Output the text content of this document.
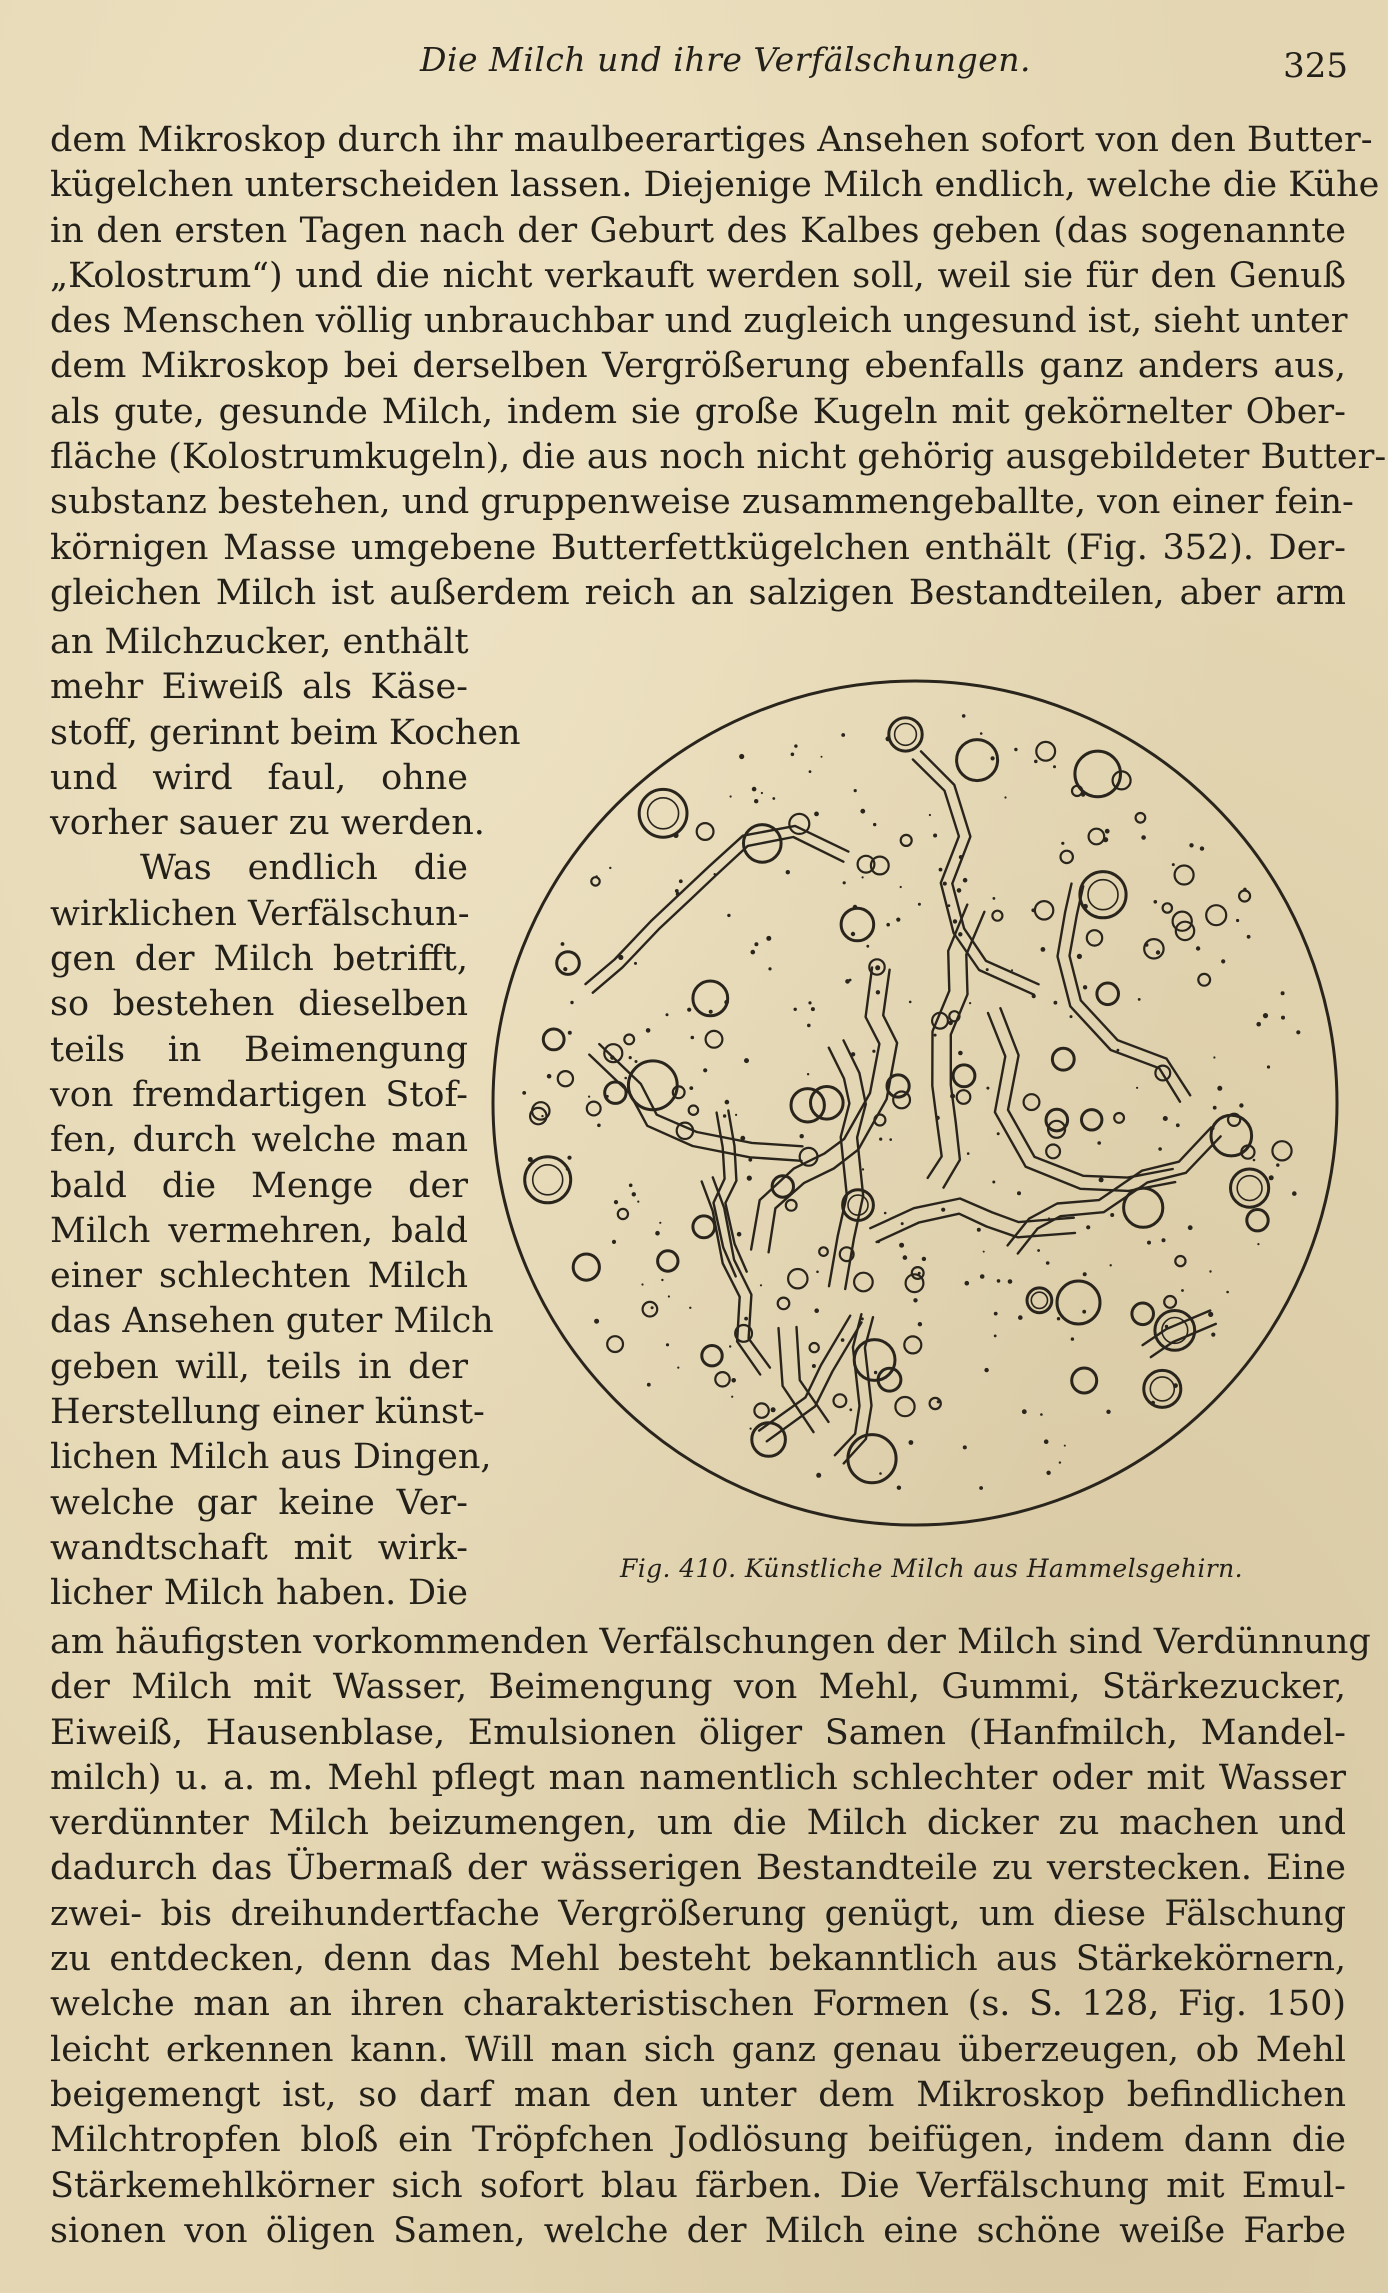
Die Milch und ihre Verfälschungen.	325
dem Mikroskop durch ihr maulbeerartiges Ansehen sofort von den Butter-
kügelchen unterscheiden lassen. Diejenige Milch endlich, welche die Kühe
in den ersten Tagen nach der Geburt des Kalbes geben (das sogenannte
„Kolostrum“) und die nicht verkauft werden soll, weil sie für den Genuß
des Menschen völlig unbrauchbar und zugleich ungesund ist, sieht unter
dem Mikroskop bei derselben Vergrößerung ebenfalls ganz anders aus,
als gute, gesunde Milch, indem sie große Kugeln mit gekörnelter Ober-
fläche (Kolostrumkugeln), die aus noch nicht gehörig ausgebildeter Butter-
substanz bestehen, und gruppenweise zusammengeballte, von einer fein-
körnigen Masse umgebene Butterfettkügelchen enthält (Fig. 352). Der-
gleichen Milch ist außerdem reich an salzigen Bestandteilen, aber arm
an Milchzucker, enthält
mehr Eiweiß als Käse-
stoff, gerinnt beim Kochen
und wird faul, ohne
vorher sauer zu werden.
Was endlich die
wirklichen Verfälschun-
gen der Milch betrifft,
so bestehen dieselben
teils in Beimengung
von fremdartigen Stof-
fen, durch welche man
bald die Menge der
Milch vermehren, bald
einer schlechten Milch
das Ansehen guter Milch
geben will, teils in der
Herstellung einer künst-
lichen Milch aus Dingen,
welche gar keine Ver-
wandtschaft mit wirk-
licher Milch haben. Die
Fig. 410. Künstliche Milch aus Hammelsgehirn.
am häufigsten vorkommenden Verfälschungen der Milch sind Verdünnung
der Milch mit Wasser, Beimengung von Mehl, Gummi, Stärkezucker,
Eiweiß, Hausenblase, Emulsionen öliger Samen (Hanfmilch, Mandel-
milch) u. a. m. Mehl pflegt man namentlich schlechter oder mit Wasser
verdünnter Milch beizumengen, um die Milch dicker zu machen und
dadurch das Übermaß der wässerigen Bestandteile zu verstecken. Eine
zwei- bis dreihundertfache Vergrößerung genügt, um diese Fälschung
zu entdecken, denn das Mehl besteht bekanntlich aus Stärkekörnern,
welche man an ihren charakteristischen Formen (s. S. 128, Fig. 150)
leicht erkennen kann. Will man sich ganz genau überzeugen, ob Mehl
beigemengt ist, so darf man den unter dem Mikroskop befindlichen
Milchtropfen bloß ein Tröpfchen Jodlösung beifügen, indem dann die
Stärkemehlkörner sich sofort blau färben. Die Verfälschung mit Emul-
sionen von öligen Samen, welche der Milch eine schöne weiße Farbe
